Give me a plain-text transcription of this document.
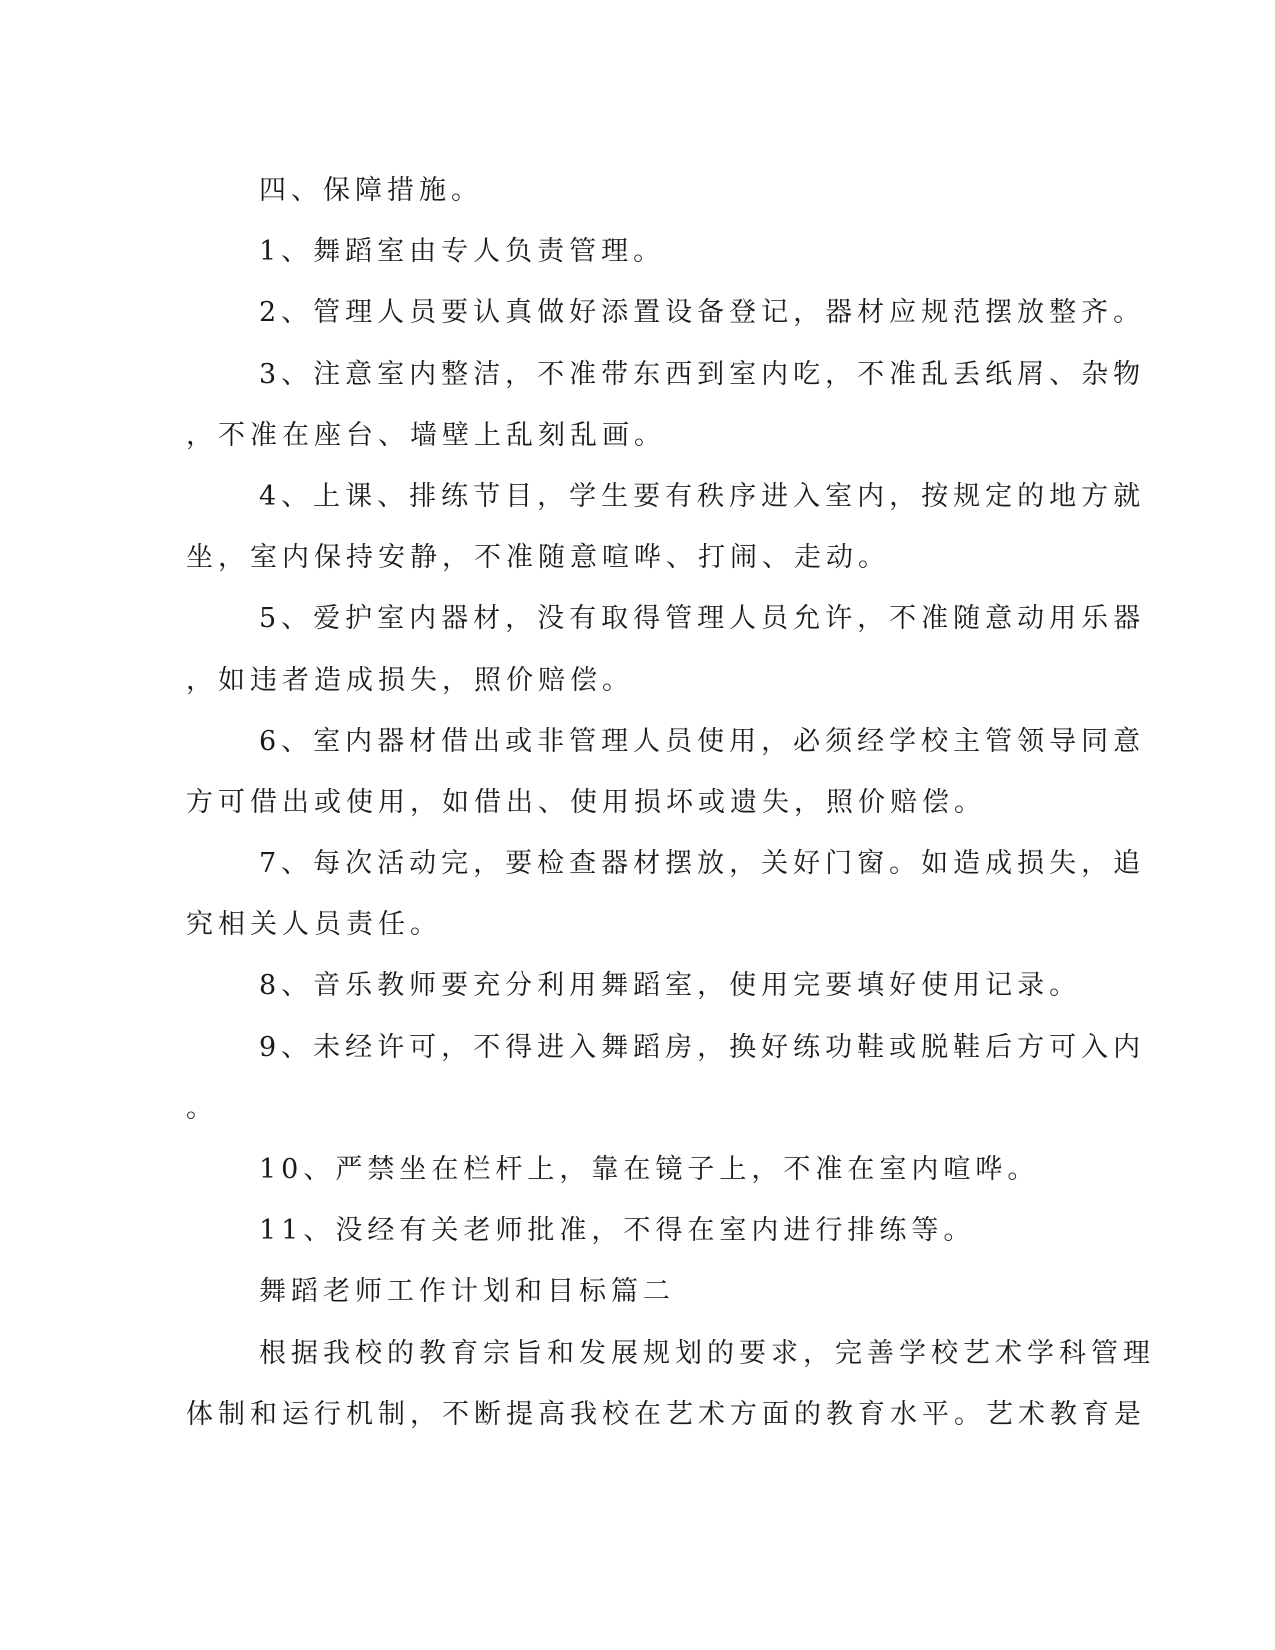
四、保障措施。
1、舞蹈室由专人负责管理。
2、管理人员要认真做好添置设备登记，器材应规范摆放整齐。
3、注意室内整洁，不准带东西到室内吃，不准乱丢纸屑、杂物
，不准在座台、墙壁上乱刻乱画。
4、上课、排练节目，学生要有秩序进入室内，按规定的地方就
坐，室内保持安静，不准随意喧哗、打闹、走动。
5、爱护室内器材，没有取得管理人员允许，不准随意动用乐器
，如违者造成损失，照价赔偿。
6、室内器材借出或非管理人员使用，必须经学校主管领导同意
方可借出或使用，如借出、使用损坏或遗失，照价赔偿。
7、每次活动完，要检查器材摆放，关好门窗。如造成损失，追
究相关人员责任。
8、音乐教师要充分利用舞蹈室，使用完要填好使用记录。
9、未经许可，不得进入舞蹈房，换好练功鞋或脱鞋后方可入内
。
10、严禁坐在栏杆上，靠在镜子上，不准在室内喧哗。
11、没经有关老师批准，不得在室内进行排练等。
舞蹈老师工作计划和目标篇二
根据我校的教育宗旨和发展规划的要求，完善学校艺术学科管理
体制和运行机制，不断提高我校在艺术方面的教育水平。艺术教育是
